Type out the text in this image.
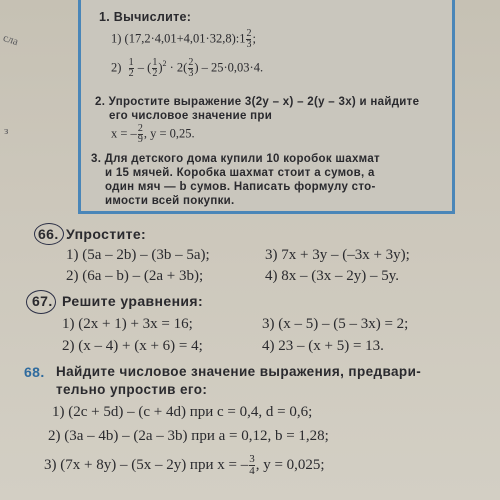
сла
з
1. Вычислите:
1) (17,2·4,01+4,01·32,8):1 $\frac{2}{3}$ ;
$2) \frac{1}{2}$ – ( $\frac{1}{2} )^2 \cdot 2( \frac{2}{3}$ ) – 25·0,03·4.
2. Упростите выражение 3(2y – x) – 2(y – 3x) и найдите
его числовое значение при
x = – $\frac{2}{9}$ , y = 0,25.
3. Для детского дома купили 10 коробок шахмат
и 15 мячей. Коробка шахмат стоит a сумов, а
один мяч — b сумов. Написать формулу сто-
имости всей покупки.
66. Упростите:
1) (5a – 2b) – (3b – 5a);
2) (6a – b) – (2a + 3b);
3) 7x + 3y – (–3x + 3y);
4) 8x – (3x – 2y) – 5y.
67. Решите уравнения:
1) (2x + 1) + 3x = 16;
2) (x – 4) + (x + 6) = 4;
3) (x – 5) – (5 – 3x) = 2;
4) 23 – (x + 5) = 13.
68. Найдите числовое значение выражения, предвари-
тельно упростив его:
1) (2c + 5d) – (c + 4d) при c = 0,4, d = 0,6;
2) (3a – 4b) – (2a – 3b) при a = 0,12, b = 1,28;
3) (7x + 8y) – (5x – 2y) при x = – $\frac{3}{4}$ , y = 0,025;
